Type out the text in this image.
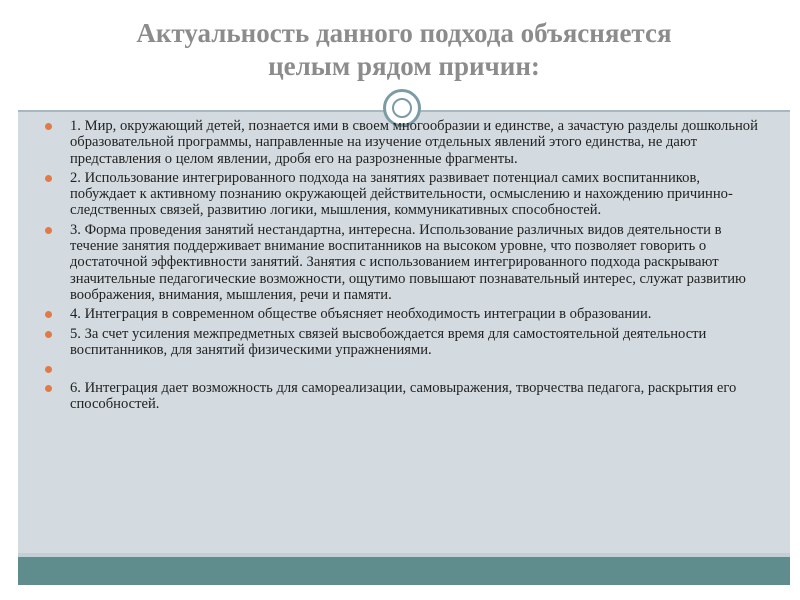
Актуальность данного подхода объясняется
целым рядом причин:
1. Мир, окружающий детей, познается ими в своем многообразии и единстве, а зачастую разделы дошкольной образовательной программы, направленные на изучение отдельных явлений этого единства, не дают представления о целом явлении, дробя его на разрозненные фрагменты.
2. Использование интегрированного подхода на занятиях развивает потенциал самих воспитанников, побуждает к активному познанию окружающей действительности, осмыслению и нахождению причинно-следственных связей, развитию логики, мышления, коммуникативных способностей.
3. Форма проведения занятий нестандартна, интересна. Использование различных видов деятельности в течение занятия поддерживает внимание воспитанников на высоком уровне, что позволяет говорить о достаточной эффективности занятий. Занятия с использованием интегрированного подхода раскрывают значительные педагогические возможности, ощутимо повышают познавательный интерес, служат развитию воображения, внимания, мышления, речи и памяти.
4. Интеграция в современном обществе объясняет необходимость интеграции в образовании.
5. За счет усиления межпредметных связей высвобождается время для самостоятельной деятельности воспитанников, для занятий физическими упражнениями.
6. Интеграция дает возможность для самореализации, самовыражения, творчества педагога, раскрытия его способностей.
